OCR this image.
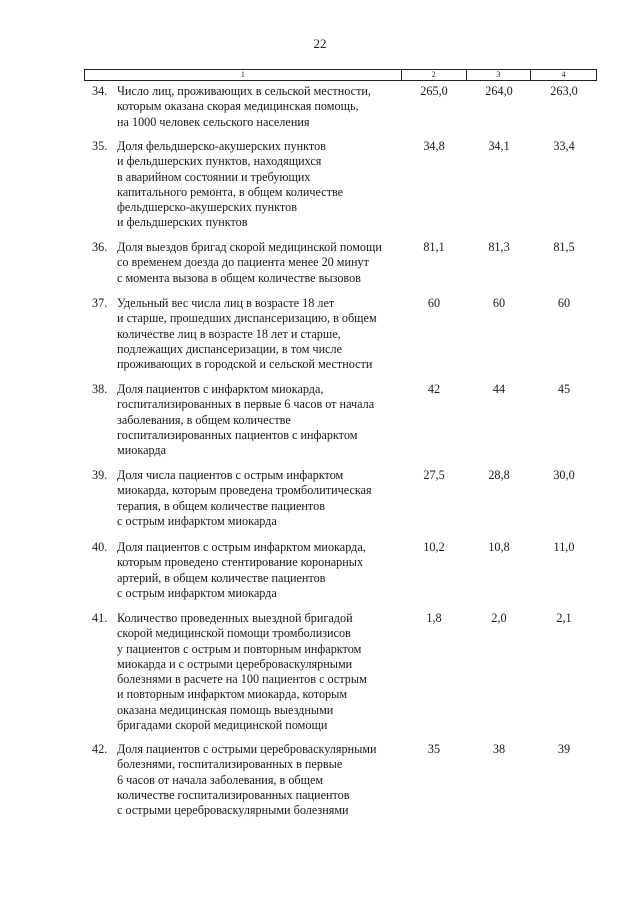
22
1	2	3	4
34. Число лиц, проживающих в сельской местности,
которым оказана скорая медицинская помощь,
на 1000 человек сельского населения
265,0	264,0	263,0
35. Доля фельдшерско-акушерских пунктов
и фельдшерских пунктов, находящихся
в аварийном состоянии и требующих
капитального ремонта, в общем количестве
фельдшерско-акушерских пунктов
и фельдшерских пунктов
34,8	34,1	33,4
36. Доля выездов бригад скорой медицинской помощи
со временем доезда до пациента менее 20 минут
с момента вызова в общем количестве вызовов
81,1	81,3	81,5
37. Удельный вес числа лиц в возрасте 18 лет
и старше, прошедших диспансеризацию, в общем
количестве лиц в возрасте 18 лет и старше,
подлежащих диспансеризации, в том числе
проживающих в городской и сельской местности
60	60	60
38. Доля пациентов с инфарктом миокарда,
госпитализированных в первые 6 часов от начала
заболевания, в общем количестве
госпитализированных пациентов с инфарктом
миокарда
42	44	45
39. Доля числа пациентов с острым инфарктом
миокарда, которым проведена тромболитическая
терапия, в общем количестве пациентов
с острым инфарктом миокарда
27,5	28,8	30,0
40. Доля пациентов с острым инфарктом миокарда,
которым проведено стентирование коронарных
артерий, в общем количестве пациентов
с острым инфарктом миокарда
10,2	10,8	11,0
41. Количество проведенных выездной бригадой
скорой медицинской помощи тромболизисов
у пациентов с острым и повторным инфарктом
миокарда и с острыми цереброваскулярными
болезнями в расчете на 100 пациентов с острым
и повторным инфарктом миокарда, которым
оказана медицинская помощь выездными
бригадами скорой медицинской помощи
1,8	2,0	2,1
42. Доля пациентов с острыми цереброваскулярными
болезнями, госпитализированных в первые
6 часов от начала заболевания, в общем
количестве госпитализированных пациентов
с острыми цереброваскулярными болезнями
35	38	39
